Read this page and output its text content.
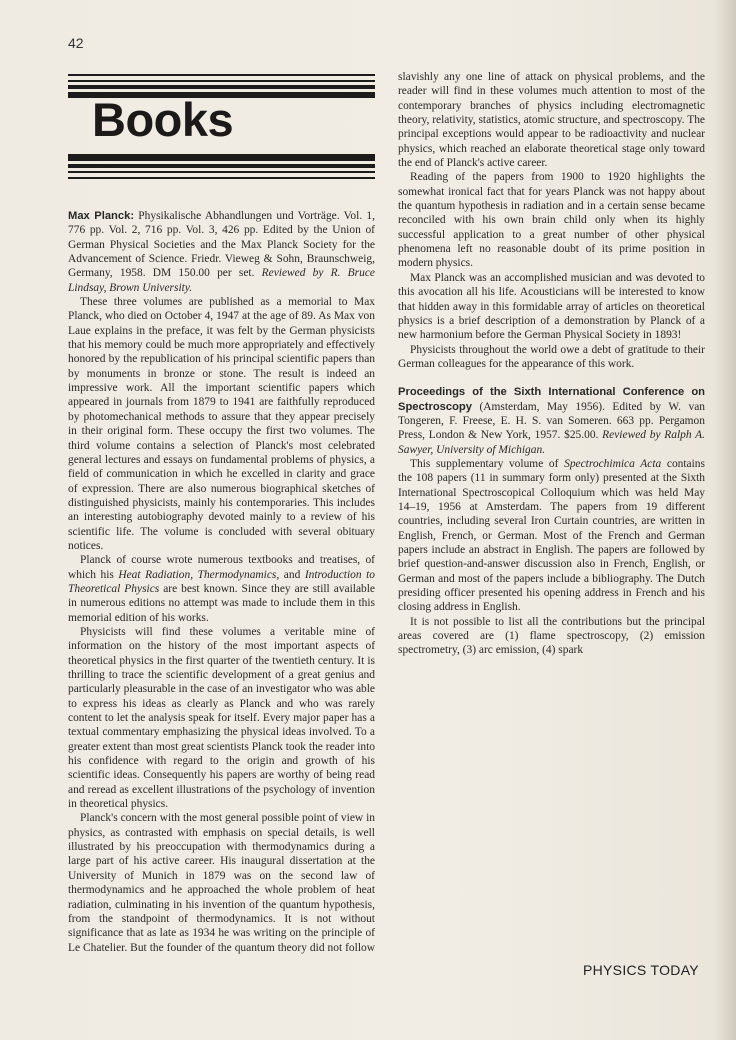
42
Books

Max Planck: Physikalische Abhandlungen und Vorträge. Vol. 1, 776 pp. Vol. 2, 716 pp. Vol. 3, 426 pp. Edited by the Union of German Physical Societies and the Max Planck Society for the Advancement of Science. Friedr. Vieweg & Sohn, Braunschweig, Germany, 1958. DM 150.00 per set. Reviewed by R. Bruce Lindsay, Brown University.

These three volumes are published as a memorial to Max Planck, who died on October 4, 1947 at the age of 89. As Max von Laue explains in the preface, it was felt by the German physicists that his memory could be much more appropriately and effectively honored by the republication of his principal scientific papers than by monuments in bronze or stone. The result is indeed an impressive work. All the important scientific papers which appeared in journals from 1879 to 1941 are faithfully reproduced by photomechanical methods to assure that they appear precisely in their original form. These occupy the first two volumes. The third volume contains a selection of Planck's most celebrated general lectures and essays on fundamental problems of physics, a field of communication in which he excelled in clarity and grace of expression. There are also numerous biographical sketches of distinguished physicists, mainly his contemporaries. This includes an interesting autobiography devoted mainly to a review of his scientific life. The volume is concluded with several obituary notices.

Planck of course wrote numerous textbooks and treatises, of which his Heat Radiation, Thermodynamics, and Introduction to Theoretical Physics are best known. Since they are still available in numerous editions no attempt was made to include them in this memorial edition of his works.

Physicists will find these volumes a veritable mine of information on the history of the most important aspects of theoretical physics in the first quarter of the twentieth century. It is thrilling to trace the scientific development of a great genius and particularly pleasurable in the case of an investigator who was able to express his ideas as clearly as Planck and who was rarely content to let the analysis speak for itself. Every major paper has a textual commentary emphasizing the physical ideas involved. To a greater extent than most great scientists Planck took the reader into his confidence with regard to the origin and growth of his scientific ideas. Consequently his papers are worthy of being read and reread as excellent illustrations of the psychology of invention in theoretical physics.

Planck's concern with the most general possible point of view in physics, as contrasted with emphasis on special details, is well illustrated by his preoccupation with thermodynamics during a large part of his active career. His inaugural dissertation at the University of Munich in 1879 was on the second law of thermodynamics and he approached the whole problem of heat radiation, culminating in his invention of the quantum hypothesis, from the standpoint of thermodynamics. It is not without significance that as late as 1934 he was writing on the principle of Le Chatelier. But the founder of the quantum theory did not follow

slavishly any one line of attack on physical problems, and the reader will find in these volumes much attention to most of the contemporary branches of physics including electromagnetic theory, relativity, statistics, atomic structure, and spectroscopy. The principal exceptions would appear to be radioactivity and nuclear physics, which reached an elaborate theoretical stage only toward the end of Planck's active career.

Reading of the papers from 1900 to 1920 highlights the somewhat ironical fact that for years Planck was not happy about the quantum hypothesis in radiation and in a certain sense became reconciled with his own brain child only when its highly successful application to a great number of other physical phenomena left no reasonable doubt of its prime position in modern physics.

Max Planck was an accomplished musician and was devoted to this avocation all his life. Acousticians will be interested to know that hidden away in this formidable array of articles on theoretical physics is a brief description of a demonstration by Planck of a new harmonium before the German Physical Society in 1893!

Physicists throughout the world owe a debt of gratitude to their German colleagues for the appearance of this work.

Proceedings of the Sixth International Conference on Spectroscopy (Amsterdam, May 1956). Edited by W. van Tongeren, F. Freese, E. H. S. van Someren. 663 pp. Pergamon Press, London & New York, 1957. $25.00. Reviewed by Ralph A. Sawyer, University of Michigan.

This supplementary volume of Spectrochimica Acta contains the 108 papers (11 in summary form only) presented at the Sixth International Spectroscopical Colloquium which was held May 14–19, 1956 at Amsterdam. The papers from 19 different countries, including several Iron Curtain countries, are written in English, French, or German. Most of the French and German papers include an abstract in English. The papers are followed by brief question-and-answer discussion also in French, English, or German and most of the papers include a bibliography. The Dutch presiding officer presented his opening address in French and his closing address in English.

It is not possible to list all the contributions but the principal areas covered are (1) flame spectroscopy, (2) emission spectrometry, (3) arc emission, (4) spark

PHYSICS TODAY
